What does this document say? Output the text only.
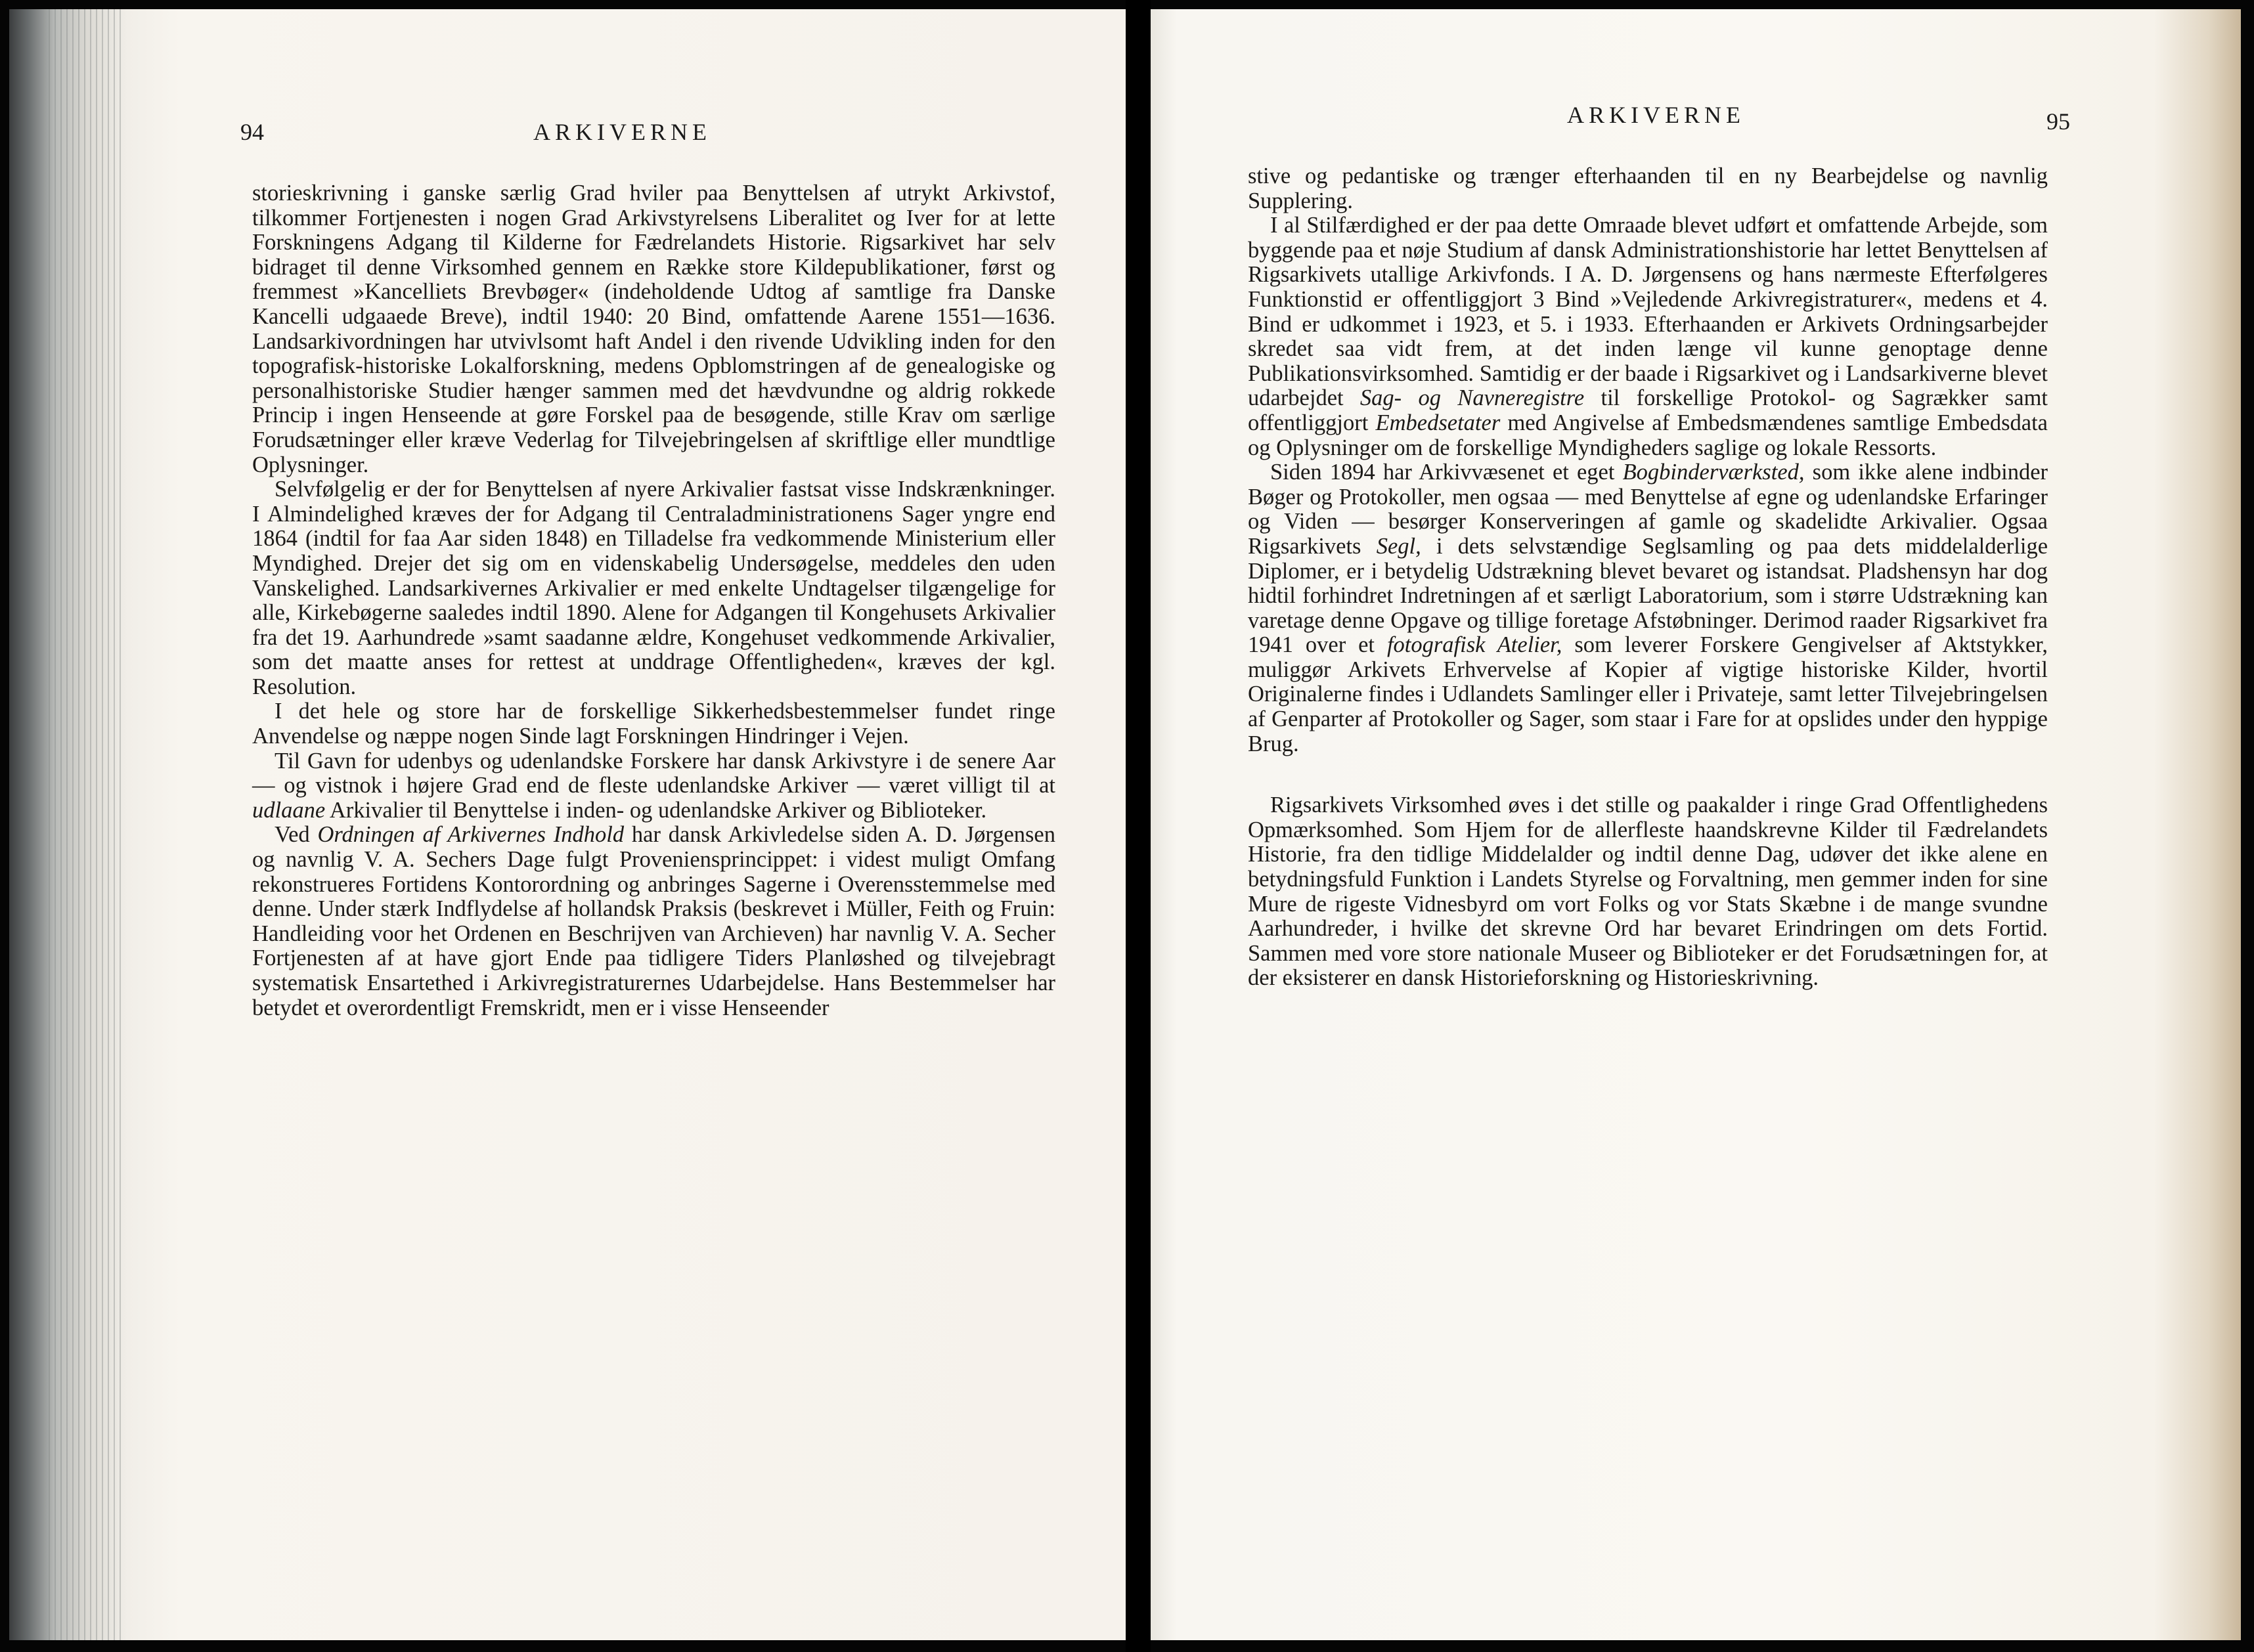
94	ARKIVERNE

storieskrivning i ganske særlig Grad hviler paa Benyttelsen af utrykt Arkivstof, tilkommer Fortjenesten i nogen Grad Arkivstyrelsens Liberalitet og Iver for at lette Forskningens Adgang til Kilderne for Fædrelandets Historie. Rigsarkivet har selv bidraget til denne Virksomhed gennem en Række store Kildepublikationer, først og fremmest »Kancelliets Brevbøger« (indeholdende Udtog af samtlige fra Danske Kancelli udgaaede Breve), indtil 1940: 20 Bind, omfattende Aarene 1551—1636. Landsarkivordningen har utvivlsomt haft Andel i den rivende Udvikling inden for den topografisk-historiske Lokalforskning, medens Opblomstringen af de genealogiske og personalhistoriske Studier hænger sammen med det hævdvundne og aldrig rokkede Princip i ingen Henseende at gøre Forskel paa de besøgende, stille Krav om særlige Forudsætninger eller kræve Vederlag for Tilvejebringelsen af skriftlige eller mundtlige Oplysninger.

Selvfølgelig er der for Benyttelsen af nyere Arkivalier fastsat visse Indskrænkninger. I Almindelighed kræves der for Adgang til Centraladministrationens Sager yngre end 1864 (indtil for faa Aar siden 1848) en Tilladelse fra vedkommende Ministerium eller Myndighed. Drejer det sig om en videnskabelig Undersøgelse, meddeles den uden Vanskelighed. Landsarkivernes Arkivalier er med enkelte Undtagelser tilgængelige for alle, Kirkebøgerne saaledes indtil 1890. Alene for Adgangen til Kongehusets Arkivalier fra det 19. Aarhundrede »samt saadanne ældre, Kongehuset vedkommende Arkivalier, som det maatte anses for rettest at unddrage Offentligheden«, kræves der kgl. Resolution.

I det hele og store har de forskellige Sikkerhedsbestemmelser fundet ringe Anvendelse og næppe nogen Sinde lagt Forskningen Hindringer i Vejen.

Til Gavn for udenbys og udenlandske Forskere har dansk Arkivstyre i de senere Aar — og vistnok i højere Grad end de fleste udenlandske Arkiver — været villigt til at udlaane Arkivalier til Benyttelse i inden- og udenlandske Arkiver og Biblioteker.

Ved Ordningen af Arkivernes Indhold har dansk Arkivledelse siden A. D. Jørgensen og navnlig V. A. Sechers Dage fulgt Proveniensprincippet: i videst muligt Omfang rekonstrueres Fortidens Kontorordning og anbringes Sagerne i Overensstemmelse med denne. Under stærk Indflydelse af hollandsk Praksis (beskrevet i Müller, Feith og Fruin: Handleiding voor het Ordenen en Beschrijven van Archieven) har navnlig V. A. Secher Fortjenesten af at have gjort Ende paa tidligere Tiders Planløshed og tilvejebragt systematisk Ensartethed i Arkivregistraturernes Udarbejdelse. Hans Bestemmelser har betydet et overordentligt Fremskridt, men er i visse Henseender

ARKIVERNE	95

stive og pedantiske og trænger efterhaanden til en ny Bearbejdelse og navnlig Supplering.

I al Stilfærdighed er der paa dette Omraade blevet udført et omfattende Arbejde, som byggende paa et nøje Studium af dansk Administrationshistorie har lettet Benyttelsen af Rigsarkivets utallige Arkivfonds. I A. D. Jørgensens og hans nærmeste Efterfølgeres Funktionstid er offentliggjort 3 Bind »Vejledende Arkivregistraturer«, medens et 4. Bind er udkommet i 1923, et 5. i 1933. Efterhaanden er Arkivets Ordningsarbejder skredet saa vidt frem, at det inden længe vil kunne genoptage denne Publikationsvirksomhed. Samtidig er der baade i Rigsarkivet og i Landsarkiverne blevet udarbejdet Sag- og Navneregistre til forskellige Protokol- og Sagrækker samt offentliggjort Embedsetater med Angivelse af Embedsmændenes samtlige Embedsdata og Oplysninger om de forskellige Myndigheders saglige og lokale Ressorts.

Siden 1894 har Arkivvæsenet et eget Bogbinderværksted, som ikke alene indbinder Bøger og Protokoller, men ogsaa — med Benyttelse af egne og udenlandske Erfaringer og Viden — besørger Konserveringen af gamle og skadelidte Arkivalier. Ogsaa Rigsarkivets Segl, i dets selvstændige Seglsamling og paa dets middelalderlige Diplomer, er i betydelig Udstrækning blevet bevaret og istandsat. Pladshensyn har dog hidtil forhindret Indretningen af et særligt Laboratorium, som i større Udstrækning kan varetage denne Opgave og tillige foretage Afstøbninger. Derimod raader Rigsarkivet fra 1941 over et fotografisk Atelier, som leverer Forskere Gengivelser af Aktstykker, muliggør Arkivets Erhvervelse af Kopier af vigtige historiske Kilder, hvortil Originalerne findes i Udlandets Samlinger eller i Privateje, samt letter Tilvejebringelsen af Genparter af Protokoller og Sager, som staar i Fare for at opslides under den hyppige Brug.

Rigsarkivets Virksomhed øves i det stille og paakalder i ringe Grad Offentlighedens Opmærksomhed. Som Hjem for de allerfleste haandskrevne Kilder til Fædrelandets Historie, fra den tidlige Middelalder og indtil denne Dag, udøver det ikke alene en betydningsfuld Funktion i Landets Styrelse og Forvaltning, men gemmer inden for sine Mure de rigeste Vidnesbyrd om vort Folks og vor Stats Skæbne i de mange svundne Aarhundreder, i hvilke det skrevne Ord har bevaret Erindringen om dets Fortid. Sammen med vore store nationale Museer og Biblioteker er det Forudsætningen for, at der eksisterer en dansk Historieforskning og Historieskrivning.
